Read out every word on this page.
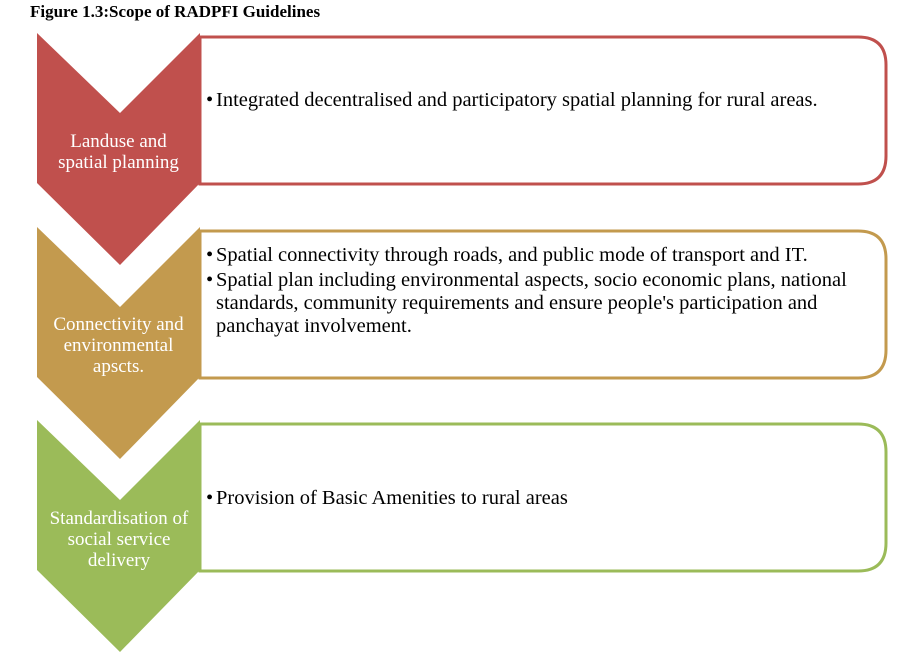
Figure 1.3:Scope of RADPFI Guidelines
Landuse and
spatial planning
Connectivity and
environmental
apscts.
Standardisation of
social service
delivery
• Integrated decentralised and participatory spatial planning for rural areas.
• Spatial connectivity through roads, and public mode of transport and IT.
• Spatial plan including environmental aspects, socio economic plans, national standards, community requirements and ensure people's participation and panchayat involvement.
• Provision of Basic Amenities to rural areas
